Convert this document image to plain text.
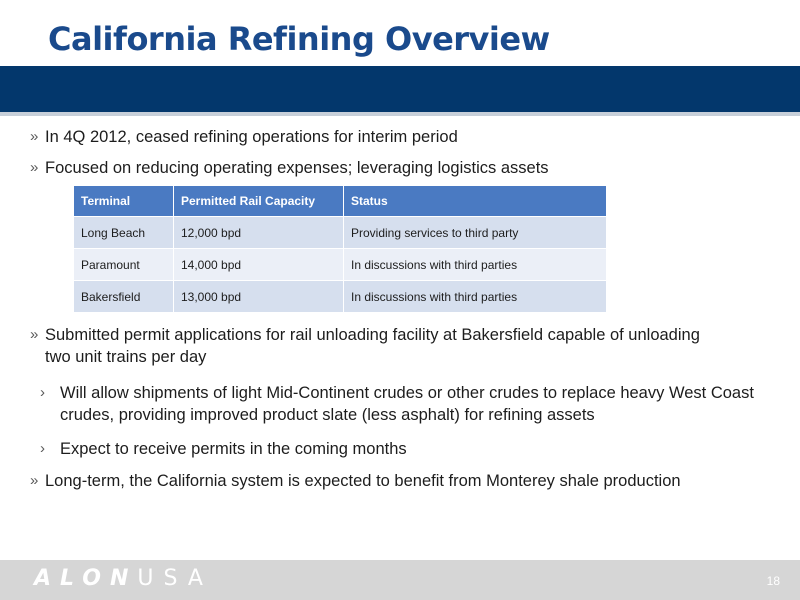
California Refining Overview
» In 4Q 2012, ceased refining operations for interim period
» Focused on reducing operating expenses; leveraging logistics assets
» Submitted permit applications for rail unloading facility at Bakersfield capable of unloading two unit trains per day
› Will allow shipments of light Mid-Continent crudes or other crudes to replace heavy West Coast crudes, providing improved product slate (less asphalt) for refining assets
› Expect to receive permits in the coming months
» Long-term, the California system is expected to benefit from Monterey shale production
Terminal	Permitted Rail Capacity	Status
Long Beach	12,000 bpd	Providing services to third party
Paramount	14,000 bpd	In discussions with third parties
Bakersfield	13,000 bpd	In discussions with third parties
ALONUSA	18
